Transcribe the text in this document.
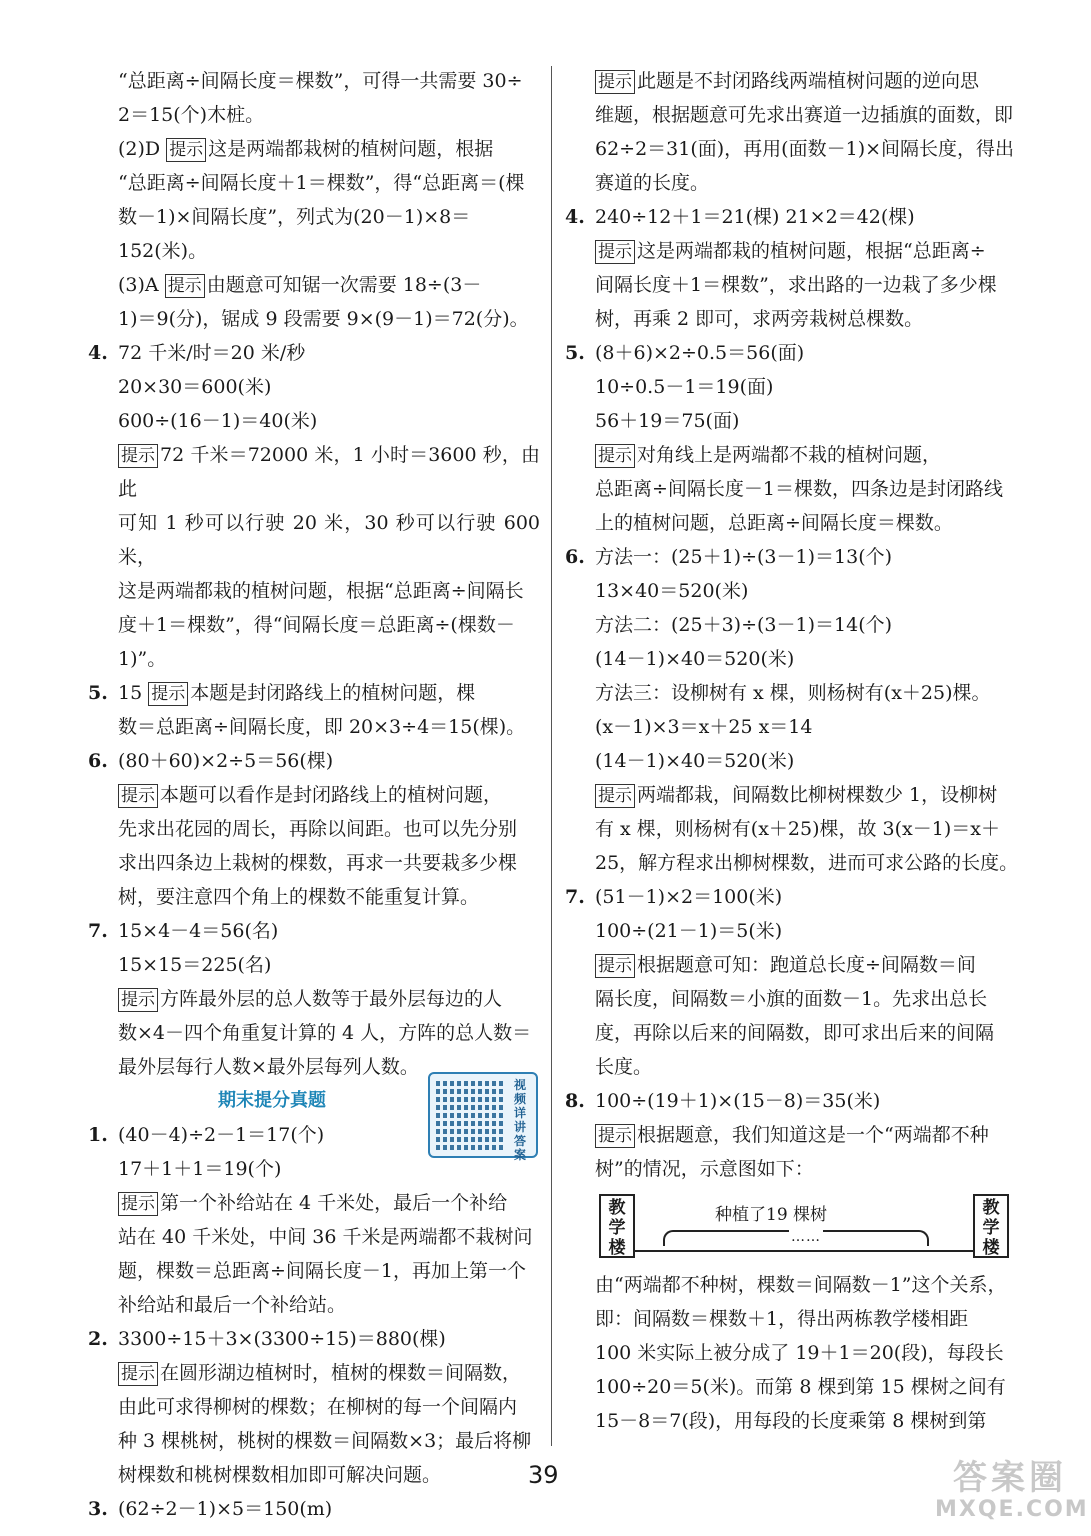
“总距离÷间隔长度＝棵数”，可得一共需要 30÷
2＝15(个)木桩。
(2)D 提示 这是两端都栽树的植树问题，根据
“总距离÷间隔长度＋1＝棵数”，得“总距离＝(棵
数－1)×间隔长度”，列式为(20－1)×8＝
152(米)。
(3)A 提示 由题意可知锯一次需要 18÷(3－
1)＝9(分)，锯成 9 段需要 9×(9－1)＝72(分)。
4. 72 千米/时＝20 米/秒
20×30＝600(米)
600÷(16－1)＝40(米)
提示 72 千米＝72000 米，1 小时＝3600 秒，由此
可知 1 秒可以行驶 20 米，30 秒可以行驶 600 米，
这是两端都栽的植树问题，根据“总距离÷间隔长
度＋1＝棵数”，得“间隔长度＝总距离÷(棵数－
1)”。
5. 15 提示 本题是封闭路线上的植树问题，棵
数＝总距离÷间隔长度，即 20×3÷4＝15(棵)。
6. (80＋60)×2÷5＝56(棵)
提示 本题可以看作是封闭路线上的植树问题，
先求出花园的周长，再除以间距。也可以先分别
求出四条边上栽树的棵数，再求一共要栽多少棵
树，要注意四个角上的棵数不能重复计算。
7. 15×4－4＝56(名)
15×15＝225(名)
提示 方阵最外层的总人数等于最外层每边的人
数×4－四个角重复计算的 4 人，方阵的总人数＝
最外层每行人数×最外层每列人数。
期末提分真题
视频详讲答案
1. (40－4)÷2－1＝17(个)
17＋1＋1＝19(个)
提示 第一个补给站在 4 千米处，最后一个补给
站在 40 千米处，中间 36 千米是两端都不栽树问
题，棵数＝总距离÷间隔长度－1，再加上第一个
补给站和最后一个补给站。
2. 3300÷15＋3×(3300÷15)＝880(棵)
提示 在圆形湖边植树时，植树的棵数＝间隔数，
由此可求得柳树的棵数；在柳树的每一个间隔内
种 3 棵桃树，桃树的棵数＝间隔数×3；最后将柳
树棵数和桃树棵数相加即可解决问题。
3. (62÷2－1)×5＝150(m)
提示 此题是不封闭路线两端植树问题的逆向思
维题，根据题意可先求出赛道一边插旗的面数，即
62÷2＝31(面)，再用(面数－1)×间隔长度，得出
赛道的长度。
4. 240÷12＋1＝21(棵) 21×2＝42(棵)
提示 这是两端都栽的植树问题，根据“总距离÷
间隔长度＋1＝棵数”，求出路的一边栽了多少棵
树，再乘 2 即可，求两旁栽树总棵数。
5. (8＋6)×2÷0.5＝56(面)
10÷0.5－1＝19(面)
56＋19＝75(面)
提示 对角线上是两端都不栽的植树问题，
总距离÷间隔长度－1＝棵数，四条边是封闭路线
上的植树问题，总距离÷间隔长度＝棵数。
6. 方法一：(25＋1)÷(3－1)＝13(个)
13×40＝520(米)
方法二：(25＋3)÷(3－1)＝14(个)
(14－1)×40＝520(米)
方法三：设柳树有 x 棵，则杨树有(x＋25)棵。
(x－1)×3＝x＋25 x＝14
(14－1)×40＝520(米)
提示 两端都栽，间隔数比柳树棵数少 1，设柳树
有 x 棵，则杨树有(x＋25)棵，故 3(x－1)＝x＋
25，解方程求出柳树棵数，进而可求公路的长度。
7. (51－1)×2＝100(米)
100÷(21－1)＝5(米)
提示 根据题意可知：跑道总长度÷间隔数＝间
隔长度，间隔数＝小旗的面数－1。先求出总长
度，再除以后来的间隔数，即可求出后来的间隔
长度。
8. 100÷(19＋1)×(15－8)＝35(米)
提示 根据题意，我们知道这是一个“两端都不种
树”的情况，示意图如下：
教学楼
种植了19 棵树
……
教学楼
由“两端都不种树，棵数＝间隔数－1”这个关系，
即：间隔数＝棵数＋1，得出两栋教学楼相距
100 米实际上被分成了 19＋1＝20(段)，每段长
100÷20＝5(米)。而第 8 棵到第 15 棵树之间有
15－8＝7(段)，用每段的长度乘第 8 棵树到第
39	答案圈
MXQE.COM
